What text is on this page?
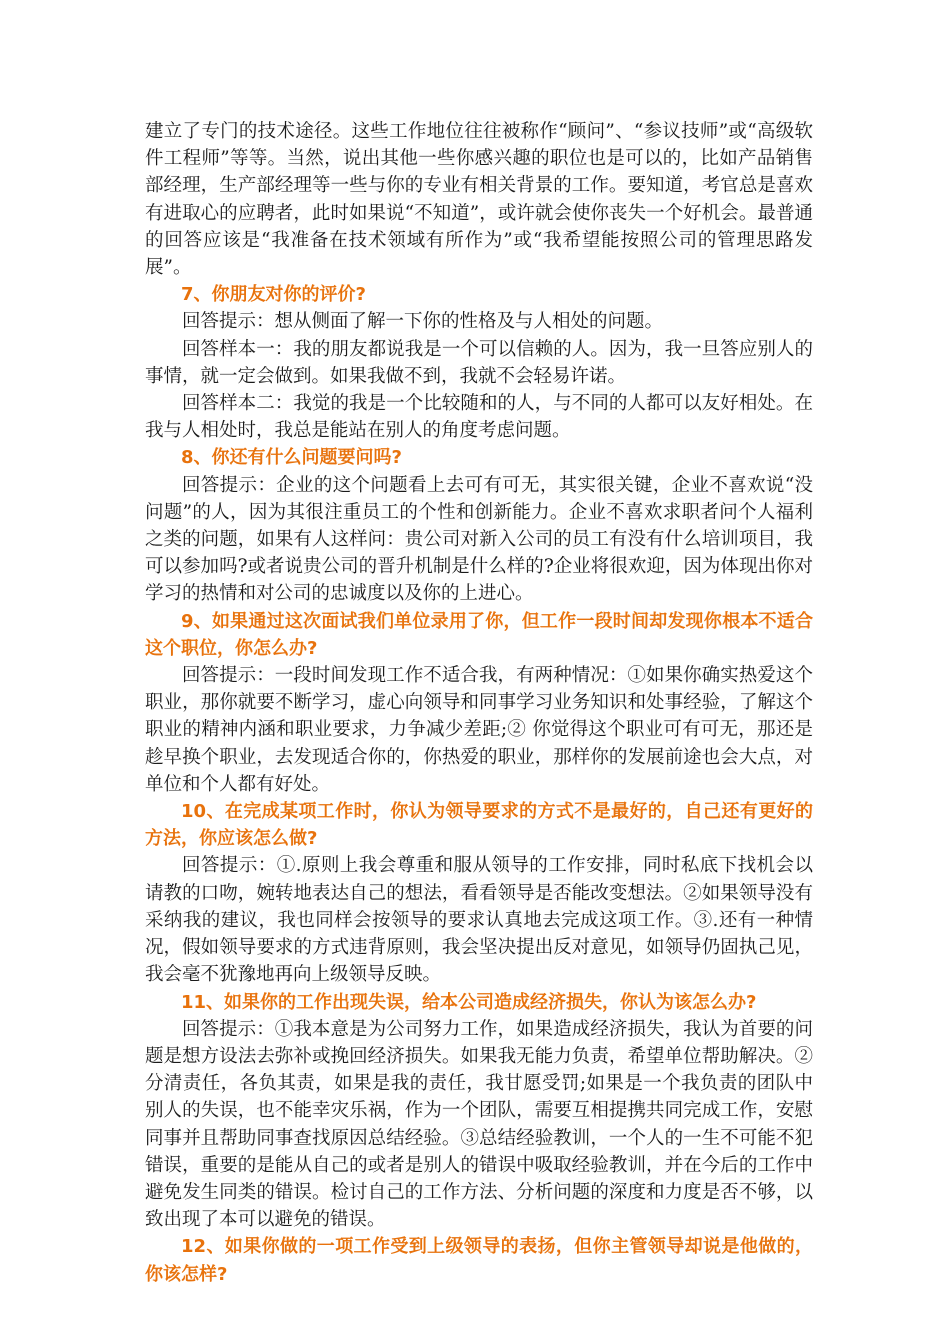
建立了专门的技术途径。这些工作地位往往被称作“顾问”、“参议技师”或“高级软件工程师”等等。当然，说出其他一些你感兴趣的职位也是可以的，比如产品销售部经理，生产部经理等一些与你的专业有相关背景的工作。要知道，考官总是喜欢有进取心的应聘者，此时如果说“不知道”，或许就会使你丧失一个好机会。最普通的回答应该是“我准备在技术领域有所作为”或“我希望能按照公司的管理思路发展”。

7、你朋友对你的评价?

回答提示：想从侧面了解一下你的性格及与人相处的问题。

回答样本一：我的朋友都说我是一个可以信赖的人。因为，我一旦答应别人的事情，就一定会做到。如果我做不到，我就不会轻易许诺。

回答样本二：我觉的我是一个比较随和的人，与不同的人都可以友好相处。在我与人相处时，我总是能站在别人的角度考虑问题。

8、你还有什么问题要问吗?

回答提示：企业的这个问题看上去可有可无，其实很关键，企业不喜欢说“没问题”的人，因为其很注重员工的个性和创新能力。企业不喜欢求职者问个人福利之类的问题，如果有人这样问：贵公司对新入公司的员工有没有什么培训项目，我可以参加吗?或者说贵公司的晋升机制是什么样的?企业将很欢迎，因为体现出你对学习的热情和对公司的忠诚度以及你的上进心。

9、如果通过这次面试我们单位录用了你，但工作一段时间却发现你根本不适合这个职位，你怎么办?

回答提示：一段时间发现工作不适合我，有两种情况：①如果你确实热爱这个职业，那你就要不断学习，虚心向领导和同事学习业务知识和处事经验，了解这个职业的精神内涵和职业要求，力争减少差距;② 你觉得这个职业可有可无，那还是趁早换个职业，去发现适合你的，你热爱的职业，那样你的发展前途也会大点，对单位和个人都有好处。

10、在完成某项工作时，你认为领导要求的方式不是最好的，自己还有更好的方法，你应该怎么做?

回答提示：①.原则上我会尊重和服从领导的工作安排，同时私底下找机会以请教的口吻，婉转地表达自己的想法，看看领导是否能改变想法。②如果领导没有采纳我的建议，我也同样会按领导的要求认真地去完成这项工作。③.还有一种情况，假如领导要求的方式违背原则，我会坚决提出反对意见，如领导仍固执己见，我会毫不犹豫地再向上级领导反映。

11、如果你的工作出现失误，给本公司造成经济损失，你认为该怎么办?

回答提示：①我本意是为公司努力工作，如果造成经济损失，我认为首要的问题是想方设法去弥补或挽回经济损失。如果我无能力负责，希望单位帮助解决。②分清责任，各负其责，如果是我的责任，我甘愿受罚;如果是一个我负责的团队中别人的失误，也不能幸灾乐祸，作为一个团队，需要互相提携共同完成工作，安慰同事并且帮助同事查找原因总结经验。③总结经验教训，一个人的一生不可能不犯错误，重要的是能从自己的或者是别人的错误中吸取经验教训，并在今后的工作中避免发生同类的错误。检讨自己的工作方法、分析问题的深度和力度是否不够，以致出现了本可以避免的错误。

12、如果你做的一项工作受到上级领导的表扬，但你主管领导却说是他做的，你该怎样?
